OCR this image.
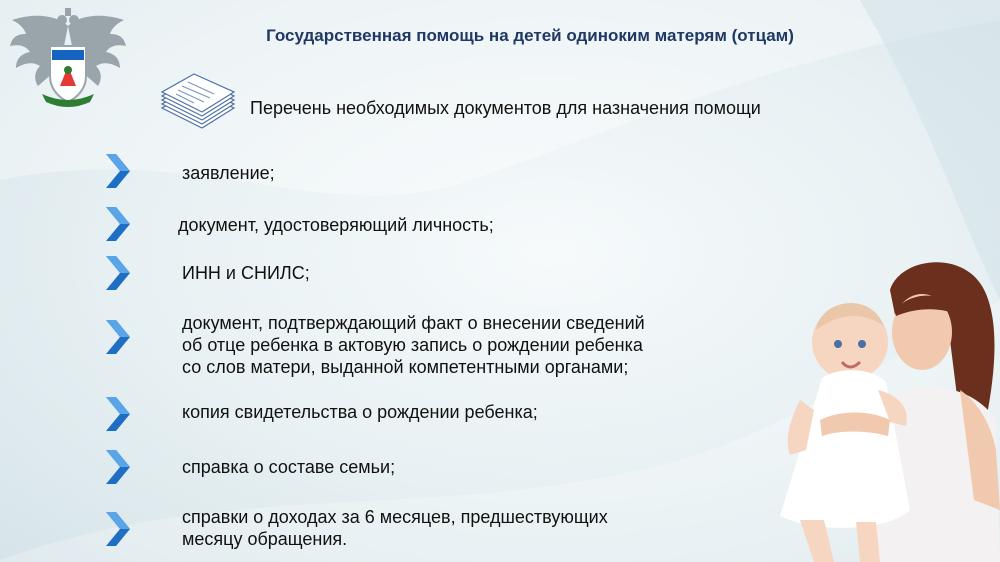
Государственная помощь на детей одиноким матерям (отцам)
Перечень необходимых документов для назначения помощи
заявление;
документ, удостоверяющий личность;
ИНН и СНИЛС;
документ, подтверждающий факт о внесении сведений
об отце ребенка в актовую запись о рождении ребенка
со слов матери, выданной компетентными органами;
копия свидетельства о рождении ребенка;
справка о составе семьи;
справки о доходах за 6 месяцев, предшествующих
месяцу обращения.
